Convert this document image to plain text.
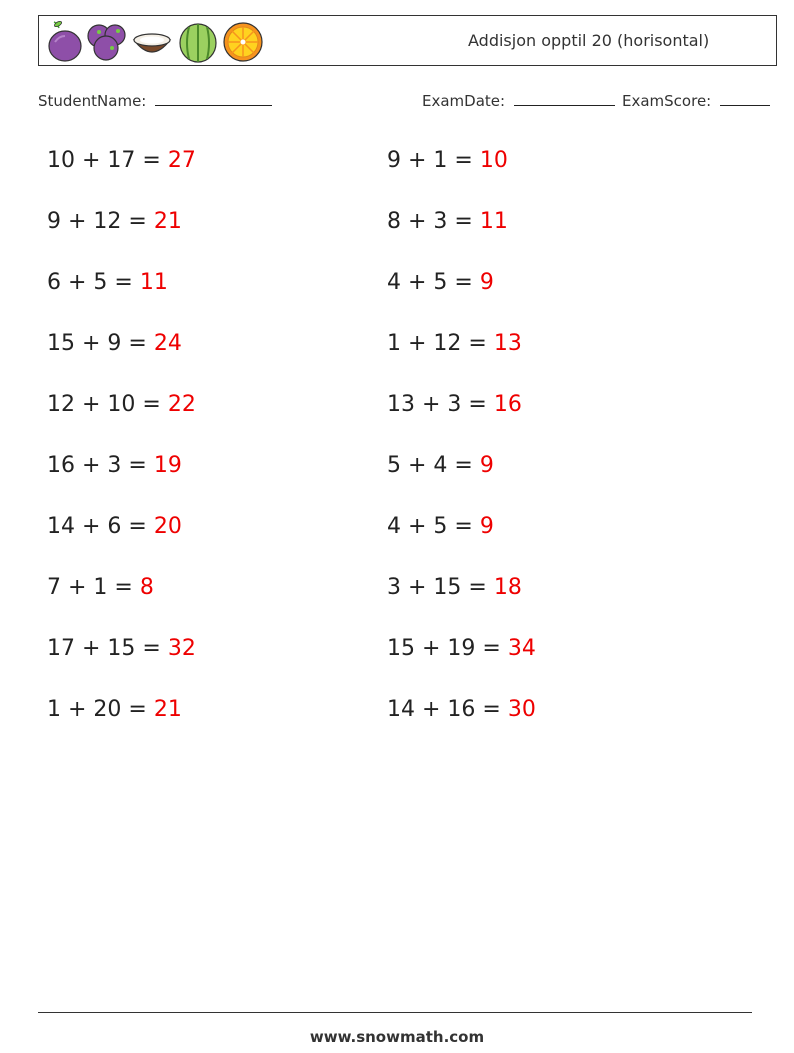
Addisjon opptil 20 (horisontal)
StudentName:	ExamDate:	ExamScore:
10 + 17 = 27
9 + 12 = 21
6 + 5 = 11
15 + 9 = 24
12 + 10 = 22
16 + 3 = 19
14 + 6 = 20
7 + 1 = 8
17 + 15 = 32
1 + 20 = 21
9 + 1 = 10
8 + 3 = 11
4 + 5 = 9
1 + 12 = 13
13 + 3 = 16
5 + 4 = 9
4 + 5 = 9
3 + 15 = 18
15 + 19 = 34
14 + 16 = 30
www.snowmath.com
